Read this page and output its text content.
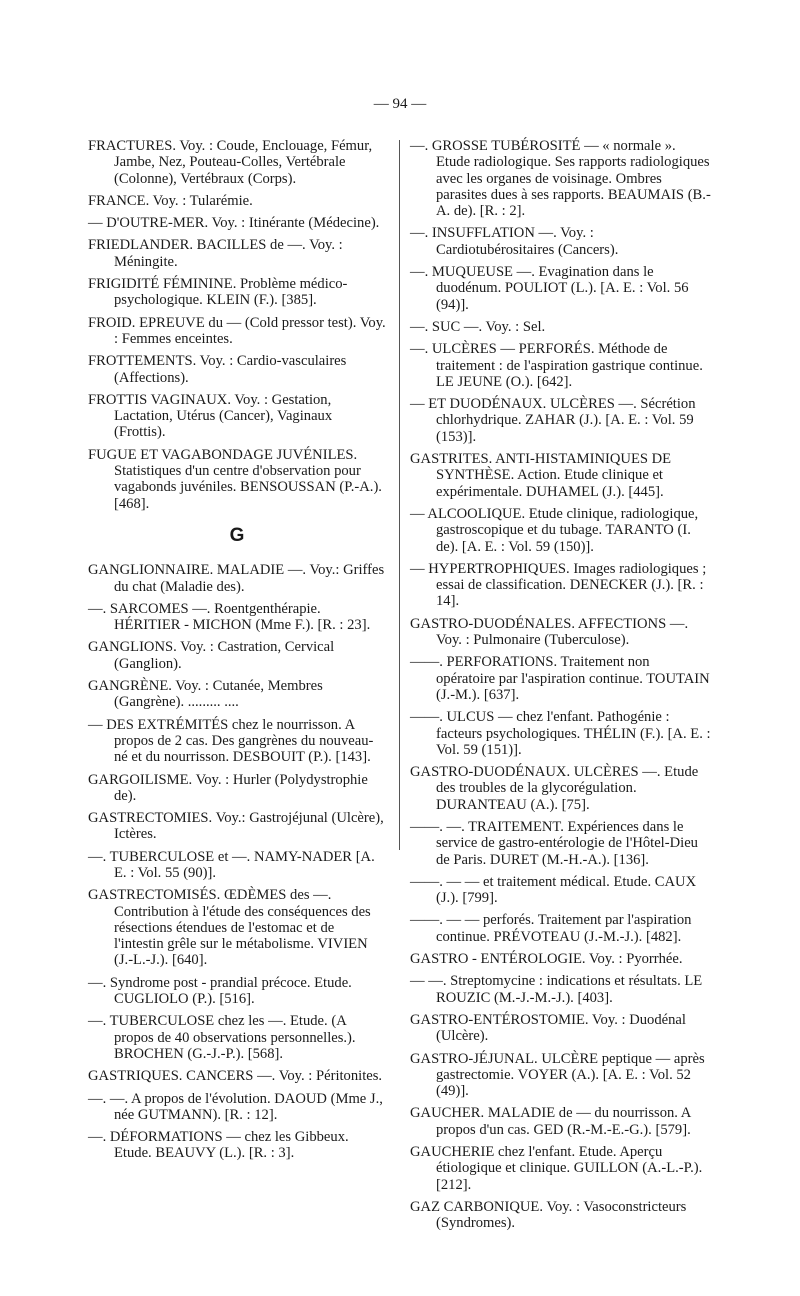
— 94 —

FRACTURES. Voy. : Coude, Enclouage, Fémur, Jambe, Nez, Pouteau-Colles, Vertébrale (Colonne), Vertébraux (Corps).

FRANCE. Voy. : Tularémie.

— D'OUTRE-MER. Voy. : Itinérante (Médecine).

FRIEDLANDER. BACILLES de —. Voy. : Méningite.

FRIGIDITÉ FÉMININE. Problème médico-psychologique. KLEIN (F.). [385].

FROID. EPREUVE du — (Cold pressor test). Voy. : Femmes enceintes.

FROTTEMENTS. Voy. : Cardio-vasculaires (Affections).

FROTTIS VAGINAUX. Voy. : Gestation, Lactation, Utérus (Cancer), Vaginaux (Frottis).

FUGUE ET VAGABONDAGE JUVÉNILES. Statistiques d'un centre d'observation pour vagabonds juvéniles. BENSOUSSAN (P.-A.). [468].

G

GANGLIONNAIRE. MALADIE —. Voy.: Griffes du chat (Maladie des).

—. SARCOMES —. Roentgenthérapie. HÉRITIER - MICHON (Mme F.). [R. : 23].

GANGLIONS. Voy. : Castration, Cervical (Ganglion).

GANGRÈNE. Voy. : Cutanée, Membres (Gangrène). ......... ....

— DES EXTRÉMITÉS chez le nourrisson. A propos de 2 cas. Des gangrènes du nouveau-né et du nourrisson. DESBOUIT (P.). [143].

GARGOILISME. Voy. : Hurler (Polydystrophie de).

GASTRECTOMIES. Voy.: Gastrojéjunal (Ulcère), Ictères.

—. TUBERCULOSE et —. NAMY-NADER [A. E. : Vol. 55 (90)].

GASTRECTOMISÉS. ŒDÈMES des —. Contribution à l'étude des conséquences des résections étendues de l'estomac et de l'intestin grêle sur le métabolisme. VIVIEN (J.-L.-J.). [640].

—. Syndrome post - prandial précoce. Etude. CUGLIOLO (P.). [516].

—. TUBERCULOSE chez les —. Etude. (A propos de 40 observations personnelles.). BROCHEN (G.-J.-P.). [568].

GASTRIQUES. CANCERS —. Voy. : Péritonites.

—. —. A propos de l'évolution. DAOUD (Mme J., née GUTMANN). [R. : 12].

—. DÉFORMATIONS — chez les Gibbeux. Etude. BEAUVY (L.). [R. : 3].

—. GROSSE TUBÉROSITÉ — « normale ». Etude radiologique. Ses rapports radiologiques avec les organes de voisinage. Ombres parasites dues à ses rapports. BEAUMAIS (B.-A. de). [R. : 2].

—. INSUFFLATION —. Voy. : Cardiotubérositaires (Cancers).

—. MUQUEUSE —. Evagination dans le duodénum. POULIOT (L.). [A. E. : Vol. 56 (94)].

—. SUC —. Voy. : Sel.

—. ULCÈRES — PERFORÉS. Méthode de traitement : de l'aspiration gastrique continue. LE JEUNE (O.). [642].

— ET DUODÉNAUX. ULCÈRES —. Sécrétion chlorhydrique. ZAHAR (J.). [A. E. : Vol. 59 (153)].

GASTRITES. ANTI-HISTAMINIQUES DE SYNTHÈSE. Action. Etude clinique et expérimentale. DUHAMEL (J.). [445].

— ALCOOLIQUE. Etude clinique, radiologique, gastroscopique et du tubage. TARANTO (I. de). [A. E. : Vol. 59 (150)].

— HYPERTROPHIQUES. Images radiologiques ; essai de classification. DENECKER (J.). [R. : 14].

GASTRO-DUODÉNALES. AFFECTIONS —. Voy. : Pulmonaire (Tuberculose).

——. PERFORATIONS. Traitement non opératoire par l'aspiration continue. TOUTAIN (J.-M.). [637].

——. ULCUS — chez l'enfant. Pathogénie : facteurs psychologiques. THÉLIN (F.). [A. E. : Vol. 59 (151)].

GASTRO-DUODÉNAUX. ULCÈRES —. Etude des troubles de la glycorégulation. DURANTEAU (A.). [75].

——. —. TRAITEMENT. Expériences dans le service de gastro-entérologie de l'Hôtel-Dieu de Paris. DURET (M.-H.-A.). [136].

——. — — et traitement médical. Etude. CAUX (J.). [799].

——. — — perforés. Traitement par l'aspiration continue. PRÉVOTEAU (J.-M.-J.). [482].

GASTRO - ENTÉROLOGIE. Voy. : Pyorrhée.

— —. Streptomycine : indications et résultats. LE ROUZIC (M.-J.-M.-J.). [403].

GASTRO-ENTÉROSTOMIE. Voy. : Duodénal (Ulcère).

GASTRO-JÉJUNAL. ULCÈRE peptique — après gastrectomie. VOYER (A.). [A. E. : Vol. 52 (49)].

GAUCHER. MALADIE de — du nourrisson. A propos d'un cas. GED (R.-M.-E.-G.). [579].

GAUCHERIE chez l'enfant. Etude. Aperçu étiologique et clinique. GUILLON (A.-L.-P.). [212].

GAZ CARBONIQUE. Voy. : Vasoconstricteurs (Syndromes).
